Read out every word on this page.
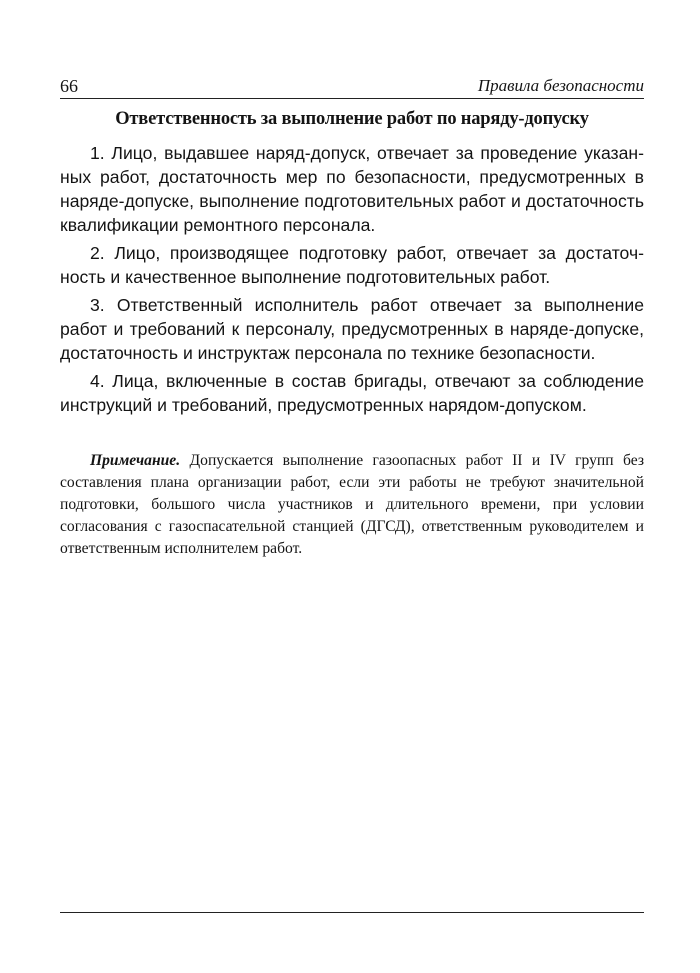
66	Правила безопасности
Ответственность за выполнение работ по наряду-допуску

1. Лицо, выдавшее наряд-допуск, отвечает за проведение указанных работ, достаточность мер по безопасности, предусмотренных в наряде-допуске, выполнение подготовительных работ и достаточность квалификации ремонтного персонала.

2. Лицо, производящее подготовку работ, отвечает за достаточность и качественное выполнение подготовительных работ.

3. Ответственный исполнитель работ отвечает за выполнение работ и требований к персоналу, предусмотренных в наряде-допуске, достаточность и инструктаж персонала по технике безопасности.

4. Лица, включенные в состав бригады, отвечают за соблюдение инструкций и требований, предусмотренных нарядом-допуском.

Примечание. Допускается выполнение газоопасных работ II и IV групп без составления плана организации работ, если эти работы не требуют значительной подготовки, большого числа участников и длительного времени, при условии согласования с газоспасательной станцией (ДГСД), ответственным руководителем и ответственным исполнителем работ.
